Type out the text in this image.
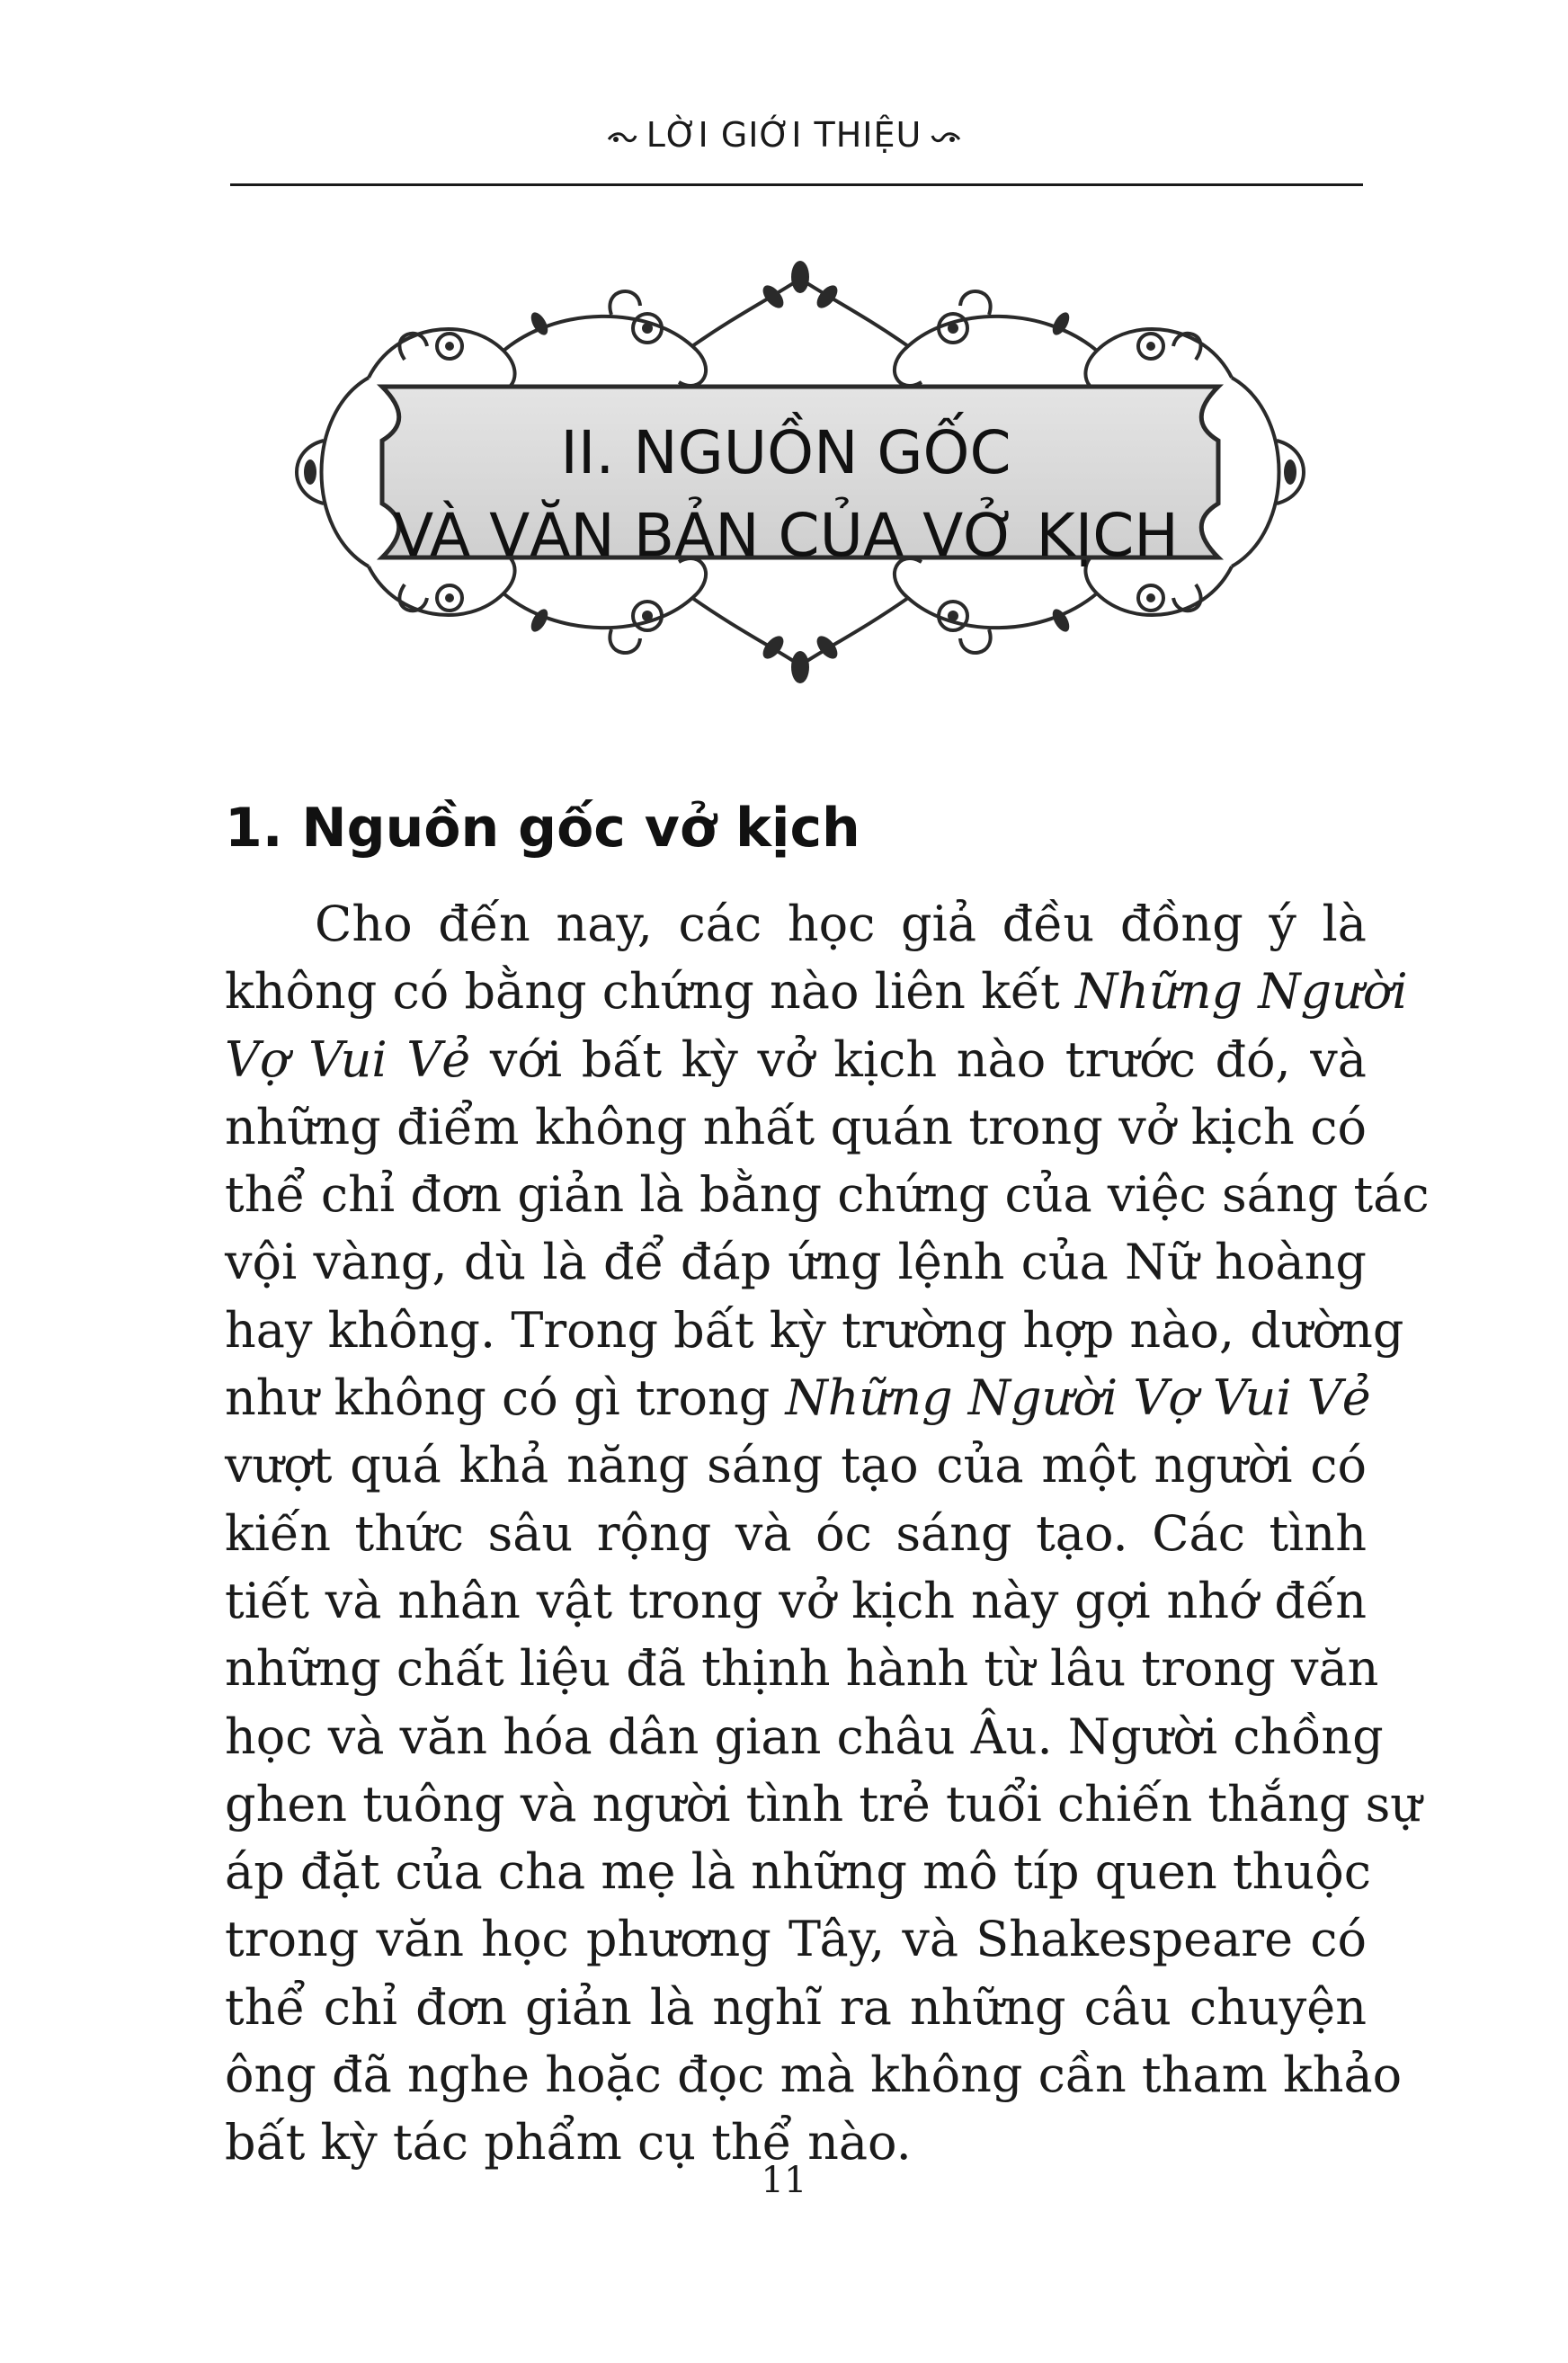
LỜI GIỚI THIỆU
II. NGUỒN GỐC
VÀ VĂN BẢN CỦA VỞ KỊCH
1. Nguồn gốc vở kịch
Cho đến nay, các học giả đều đồng ý là
không có bằng chứng nào liên kết Những Người
Vợ Vui Vẻ với bất kỳ vở kịch nào trước đó, và
những điểm không nhất quán trong vở kịch có
thể chỉ đơn giản là bằng chứng của việc sáng tác
vội vàng, dù là để đáp ứng lệnh của Nữ hoàng
hay không. Trong bất kỳ trường hợp nào, dường
như không có gì trong Những Người Vợ Vui Vẻ
vượt quá khả năng sáng tạo của một người có
kiến thức sâu rộng và óc sáng tạo. Các tình
tiết và nhân vật trong vở kịch này gợi nhớ đến
những chất liệu đã thịnh hành từ lâu trong văn
học và văn hóa dân gian châu Âu. Người chồng
ghen tuông và người tình trẻ tuổi chiến thắng sự
áp đặt của cha mẹ là những mô típ quen thuộc
trong văn học phương Tây, và Shakespeare có
thể chỉ đơn giản là nghĩ ra những câu chuyện
ông đã nghe hoặc đọc mà không cần tham khảo
bất kỳ tác phẩm cụ thể nào.
11
